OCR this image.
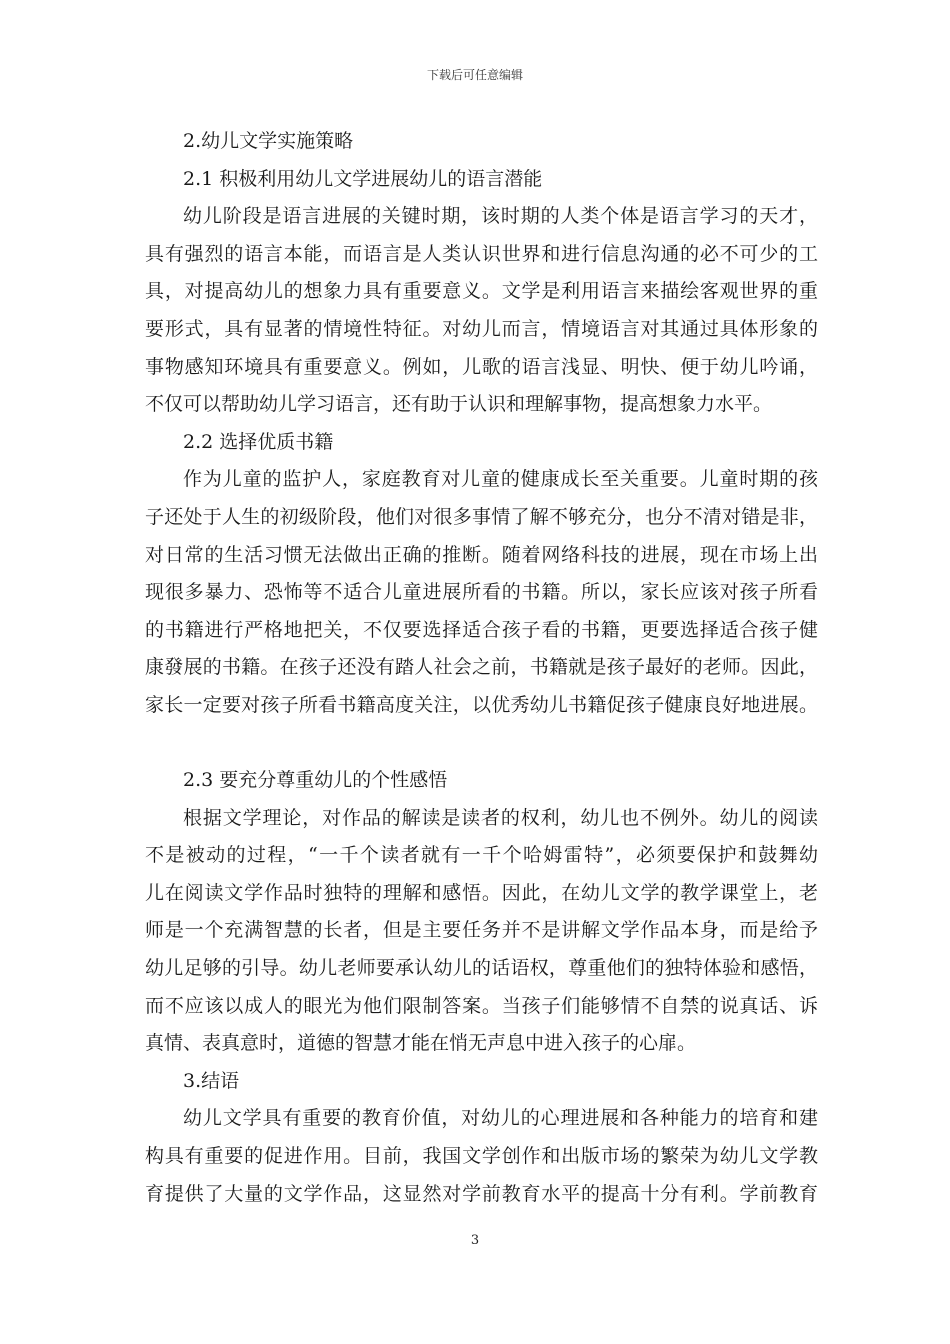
下载后可任意编辑
2.幼儿文学实施策略
2.1 积极利用幼儿文学进展幼儿的语言潜能
幼儿阶段是语言进展的关键时期，该时期的人类个体是语言学习的天才，
具有强烈的语言本能，而语言是人类认识世界和进行信息沟通的必不可少的工
具，对提高幼儿的想象力具有重要意义。文学是利用语言来描绘客观世界的重
要形式，具有显著的情境性特征。对幼儿而言，情境语言对其通过具体形象的
事物感知环境具有重要意义。例如，儿歌的语言浅显、明快、便于幼儿吟诵，
不仅可以帮助幼儿学习语言，还有助于认识和理解事物，提高想象力水平。
2.2 选择优质书籍
作为儿童的监护人，家庭教育对儿童的健康成长至关重要。儿童时期的孩
子还处于人生的初级阶段，他们对很多事情了解不够充分，也分不清对错是非，
对日常的生活习惯无法做出正确的推断。随着网络科技的进展，现在市场上出
现很多暴力、恐怖等不适合儿童进展所看的书籍。所以，家长应该对孩子所看
的书籍进行严格地把关，不仅要选择适合孩子看的书籍，更要选择适合孩子健
康發展的书籍。在孩子还没有踏人社会之前，书籍就是孩子最好的老师。因此，
家长一定要对孩子所看书籍高度关注，以优秀幼儿书籍促孩子健康良好地进展。
2.3 要充分尊重幼儿的个性感悟
根据文学理论，对作品的解读是读者的权利，幼儿也不例外。幼儿的阅读
不是被动的过程，“一千个读者就有一千个哈姆雷特”，必须要保护和鼓舞幼
儿在阅读文学作品时独特的理解和感悟。因此，在幼儿文学的教学课堂上，老
师是一个充满智慧的长者，但是主要任务并不是讲解文学作品本身，而是给予
幼儿足够的引导。幼儿老师要承认幼儿的话语权，尊重他们的独特体验和感悟，
而不应该以成人的眼光为他们限制答案。当孩子们能够情不自禁的说真话、诉
真情、表真意时，道德的智慧才能在悄无声息中进入孩子的心扉。
3.结语
幼儿文学具有重要的教育价值，对幼儿的心理进展和各种能力的培育和建
构具有重要的促进作用。目前，我国文学创作和出版市场的繁荣为幼儿文学教
育提供了大量的文学作品，这显然对学前教育水平的提高十分有利。学前教育
3
